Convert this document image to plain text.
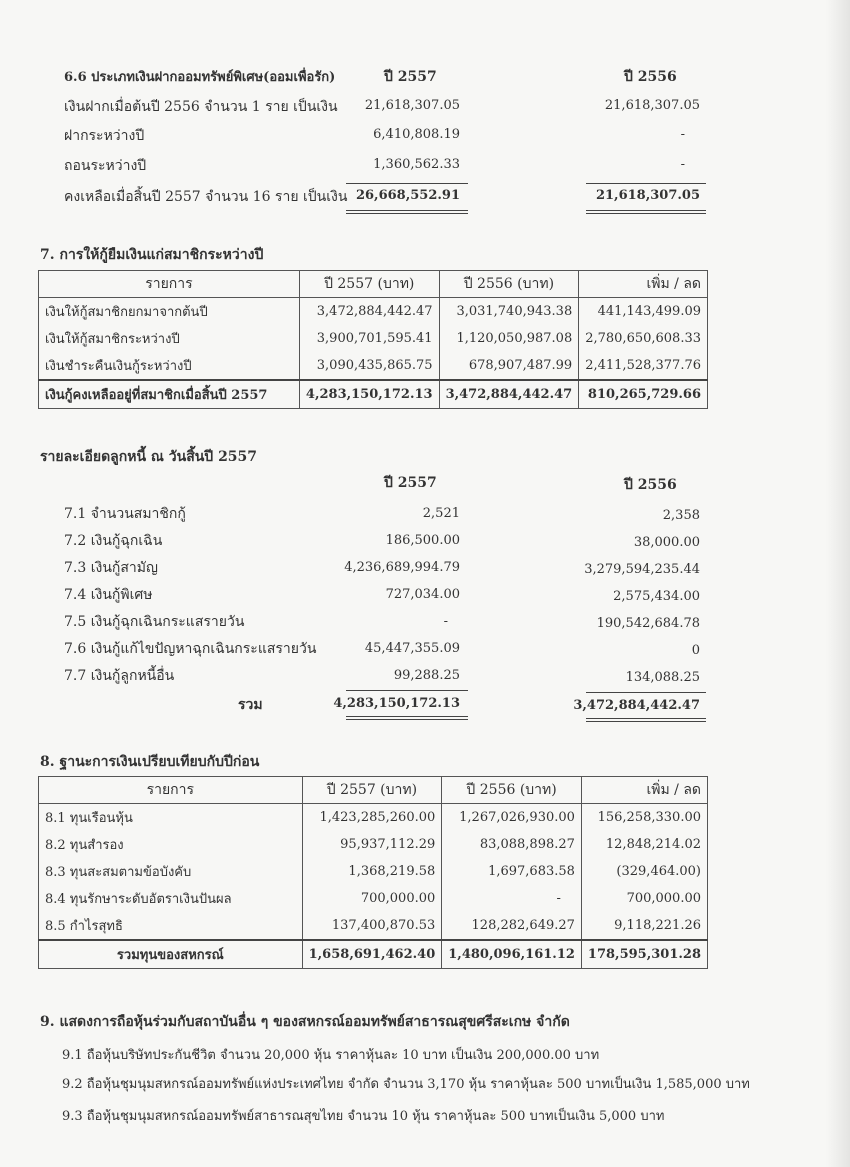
6.6 ประเภทเงินฝากออมทรัพย์พิเศษ(ออมเพื่อรัก)	ปี 2557	ปี 2556
เงินฝากเมื่อต้นปี 2556 จำนวน 1 ราย เป็นเงิน	21,618,307.05	21,618,307.05
ฝากระหว่างปี	6,410,808.19	-
ถอนระหว่างปี	1,360,562.33	-
คงเหลือเมื่อสิ้นปี 2557 จำนวน 16 ราย เป็นเงิน 26,668,552.91	21,618,307.05
7. การให้กู้ยืมเงินแก่สมาชิกระหว่างปี
รายการ	ปี 2557 (บาท)	ปี 2556 (บาท)	เพิ่ม / ลด
เงินให้กู้สมาชิกยกมาจากต้นปี	3,472,884,442.47	3,031,740,943.38	441,143,499.09
เงินให้กู้สมาชิกระหว่างปี	3,900,701,595.41	1,120,050,987.08	2,780,650,608.33
เงินชำระคืนเงินกู้ระหว่างปี	3,090,435,865.75	678,907,487.99	2,411,528,377.76
เงินกู้คงเหลืออยู่ที่สมาชิกเมื่อสิ้นปี 2557	4,283,150,172.13	3,472,884,442.47	810,265,729.66
รายละเอียดลูกหนี้ ณ วันสิ้นปี 2557
ปี 2557	ปี 2556
7.1 จำนวนสมาชิกกู้	2,521	2,358
7.2 เงินกู้ฉุกเฉิน	186,500.00	38,000.00
7.3 เงินกู้สามัญ	4,236,689,994.79	3,279,594,235.44
7.4 เงินกู้พิเศษ	727,034.00	2,575,434.00
7.5 เงินกู้ฉุกเฉินกระแสรายวัน	-	190,542,684.78
7.6 เงินกู้แก้ไขปัญหาฉุกเฉินกระแสรายวัน	45,447,355.09	0
7.7 เงินกู้ลูกหนี้อื่น	99,288.25	134,088.25
รวม	4,283,150,172.13	3,472,884,442.47
8. ฐานะการเงินเปรียบเทียบกับปีก่อน
รายการ	ปี 2557 (บาท)	ปี 2556 (บาท)	เพิ่ม / ลด
8.1 ทุนเรือนหุ้น	1,423,285,260.00	1,267,026,930.00	156,258,330.00
8.2 ทุนสำรอง	95,937,112.29	83,088,898.27	12,848,214.02
8.3 ทุนสะสมตามข้อบังคับ	1,368,219.58	1,697,683.58	(329,464.00)
8.4 ทุนรักษาระดับอัตราเงินปันผล	700,000.00	-	700,000.00
8.5 กำไรสุทธิ	137,400,870.53	128,282,649.27	9,118,221.26
รวมทุนของสหกรณ์	1,658,691,462.40	1,480,096,161.12	178,595,301.28
9. แสดงการถือหุ้นร่วมกับสถาบันอื่น ๆ ของสหกรณ์ออมทรัพย์สาธารณสุขศรีสะเกษ จำกัด
9.1 ถือหุ้นบริษัทประกันชีวิต จำนวน 20,000 หุ้น ราคาหุ้นละ 10 บาท เป็นเงิน 200,000.00 บาท
9.2 ถือหุ้นชุมนุมสหกรณ์ออมทรัพย์แห่งประเทศไทย จำกัด จำนวน 3,170 หุ้น ราคาหุ้นละ 500 บาทเป็นเงิน 1,585,000 บาท
9.3 ถือหุ้นชุมนุมสหกรณ์ออมทรัพย์สาธารณสุขไทย จำนวน 10 หุ้น ราคาหุ้นละ 500 บาทเป็นเงิน 5,000 บาท
